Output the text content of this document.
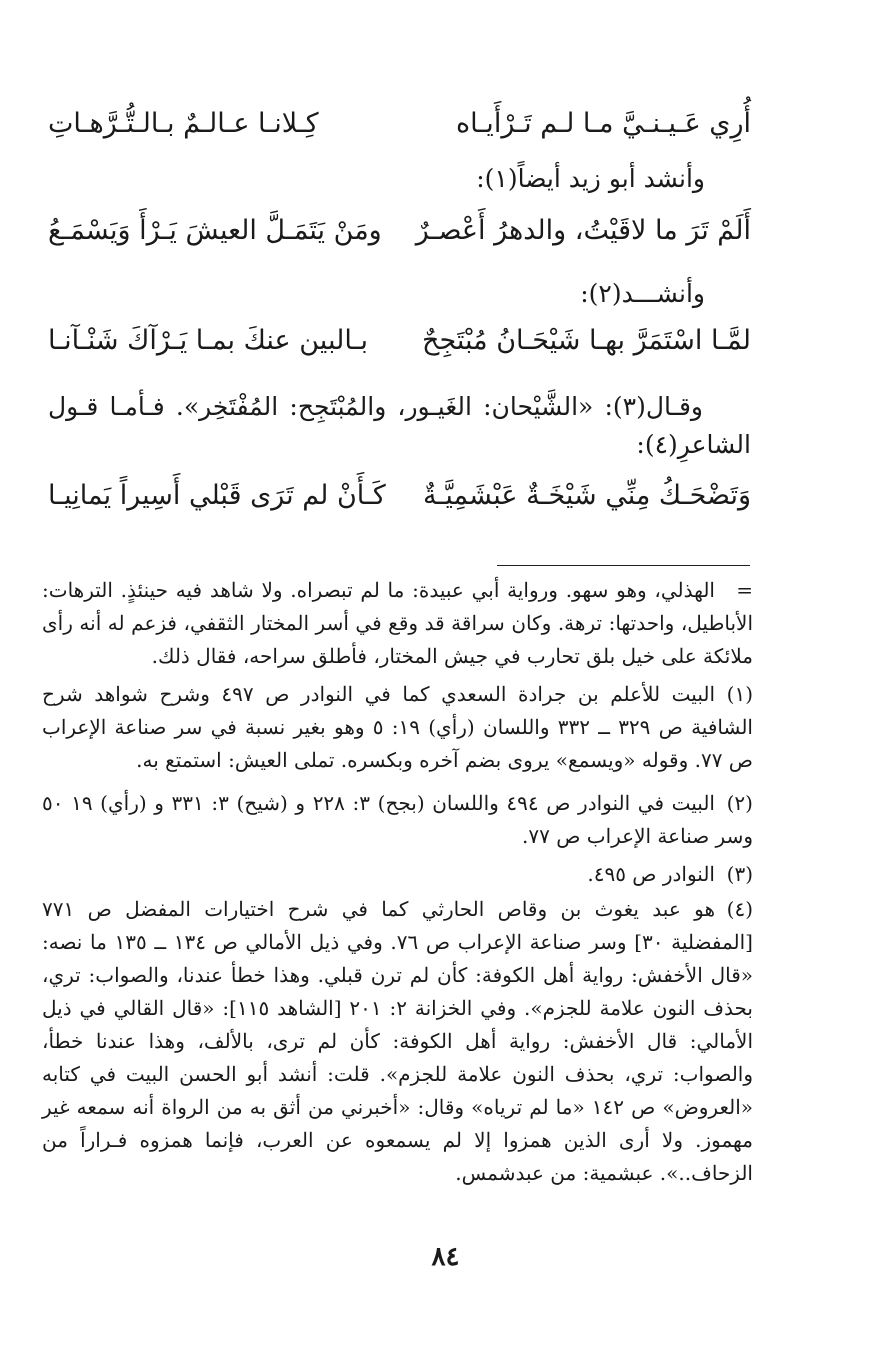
أُرِي عَـيـنـيَّ مـا لـم تَـرْأَيـاه
كِـلانـا عـالـمٌ بـالـتُّـرَّهـاتِ
وأنشد أبو زيد أيضاً(١):
أَلَمْ تَرَ ما لاقَيْتُ، والدهرُ أَعْصـرٌ
ومَنْ يَتَمَـلَّ العيشَ يَـرْأَ وَيَسْمَـعُ
وأنشـــد(٢):
لمَّـا اسْتَمَرَّ بهـا شَيْحَـانُ مُبْتَجِحٌ
بـالبين عنكَ بمـا يَـرْآكَ شَنْـآنـا
وقـال(٣): «الشَّيْحان: الغَيـور، والمُبْتَجِح: المُفْتَخِر». فـأمـا قـول الشاعرِ(٤):
وَتَضْحَـكُ مِنِّي شَيْخَـةٌ عَبْشَمِيَّـةٌ
كَـأَنْ لم تَرَى قَبْلي أَسِيراً يَمانِيـا
=الهذلي، وهو سهو. ورواية أبي عبيدة: ما لم تبصراه. ولا شاهد فيه حينئذٍ. الترهات: الأباطيل، واحدتها: ترهة. وكان سراقة قد وقع في أسر المختار الثقفي، فزعم له أنه رأى ملائكة على خيل بلق تحارب في جيش المختار، فأطلق سراحه، فقال ذلك.
(١)البيت للأعلم بن جرادة السعدي كما في النوادر ص ٤٩٧ وشرح شواهد شرح الشافية ص ٣٢٩ ــ ٣٣٢ واللسان (رأي) ١٩: ٥ وهو بغير نسبة في سر صناعة الإعراب ص ٧٧. وقوله «ويسمع» يروى بضم آخره وبكسره. تملى العيش: استمتع به.
(٢)البيت في النوادر ص ٤٩٤ واللسان (بجح) ٣: ٢٢٨ و (شيح) ٣: ٣٣١ و (رأي) ١٩ ٥٠ وسر صناعة الإعراب ص ٧٧.
(٣)النوادر ص ٤٩٥.
(٤)هو عبد يغوث بن وقاص الحارثي كما في شرح اختيارات المفضل ص ٧٧١ [المفضلية ٣٠] وسر صناعة الإعراب ص ٧٦. وفي ذيل الأمالي ص ١٣٤ ــ ١٣٥ ما نصه: «قال الأخفش: رواية أهل الكوفة: كأن لم ترن قبلي. وهذا خطأ عندنا، والصواب: تري، بحذف النون علامة للجزم». وفي الخزانة ٢: ٢٠١ [الشاهد ١١٥]: «قال القالي في ذيل الأمالي: قال الأخفش: رواية أهل الكوفة: كأن لم ترى، بالألف، وهذا عندنا خطأ، والصواب: تري، بحذف النون علامة للجزم». قلت: أنشد أبو الحسن البيت في كتابه «العروض» ص ١٤٢ «ما لم ترياه» وقال: «أخبرني من أثق به من الرواة أنه سمعه غير مهموز. ولا أرى الذين همزوا إلا لم يسمعوه عن العرب، فإنما همزوه فـراراً من الزحاف..». عبشمية: من عبدشمس.
٨٤
